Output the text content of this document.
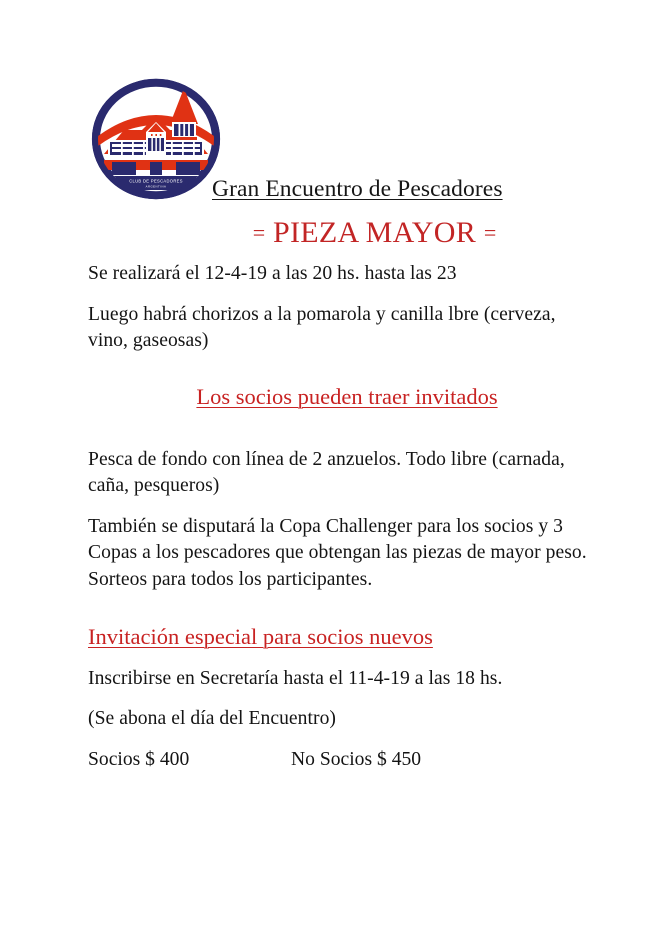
CLUB DE PESCADORES
ARGENTINA Gran Encuentro de Pescadores
= PIEZA MAYOR =

Se realizará el 12-4-19 a las 20 hs. hasta las 23

Luego habrá chorizos a la pomarola y canilla lbre (cerveza, vino, gaseosas)

Los socios pueden traer invitados

Pesca de fondo con línea de 2 anzuelos. Todo libre (carnada, caña, pesqueros)

También se disputará la Copa Challenger para los socios y 3 Copas a los pescadores que obtengan las piezas de mayor peso. Sorteos para todos los participantes.

Invitación especial para socios nuevos

Inscribirse en Secretaría hasta el 11-4-19 a las 18 hs.

(Se abona el día del Encuentro)

Socios $ 400	No Socios $ 450
